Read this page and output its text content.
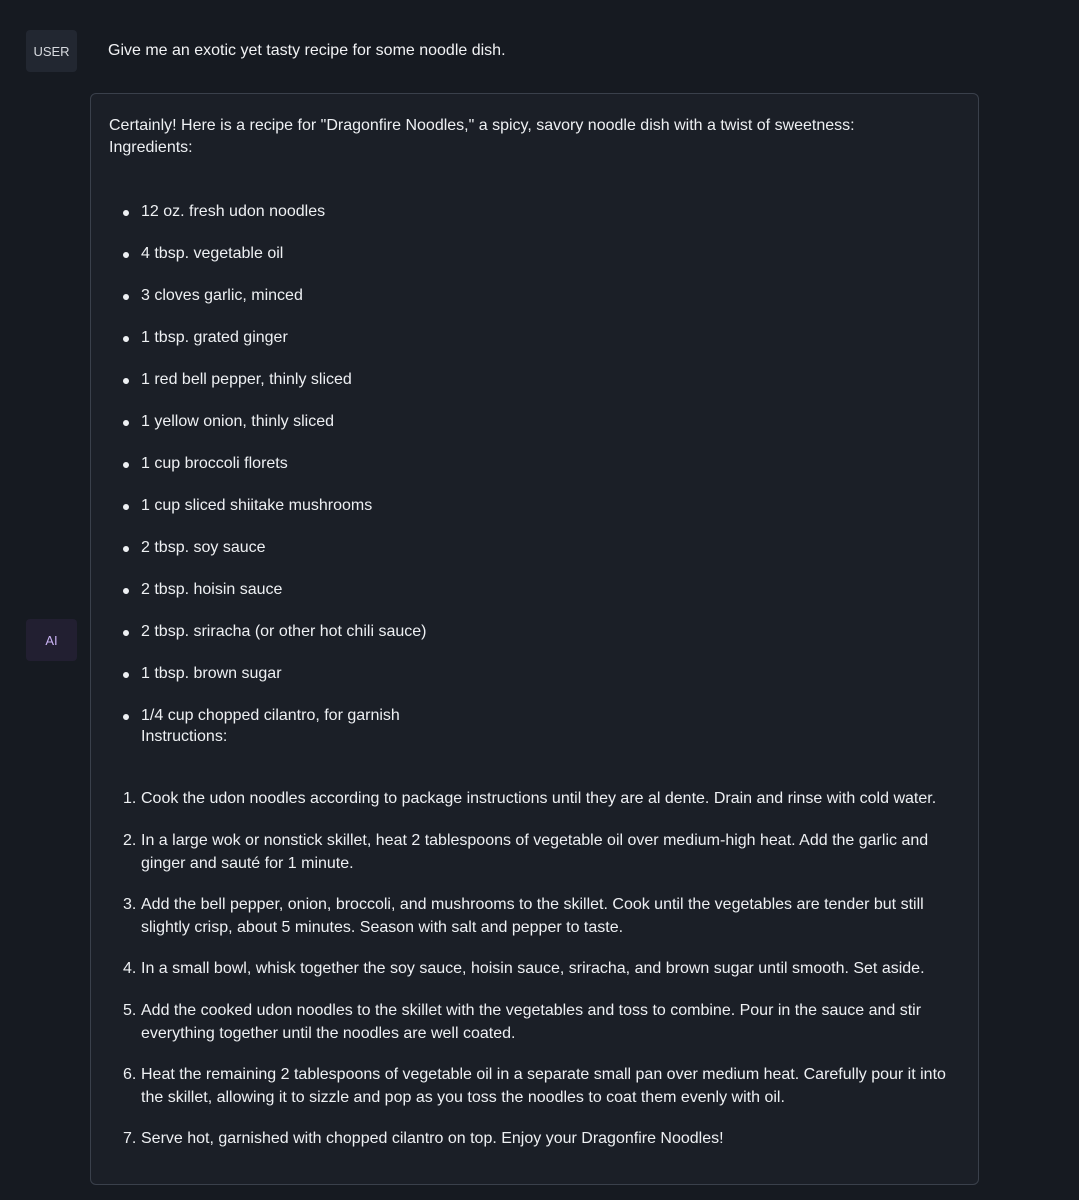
USER	Give me an exotic yet tasty recipe for some noodle dish.
AI

Certainly! Here is a recipe for "Dragonfire Noodles," a spicy, savory noodle dish with a twist of sweetness:
Ingredients:

12 oz. fresh udon noodles
4 tbsp. vegetable oil
3 cloves garlic, minced
1 tbsp. grated ginger
1 red bell pepper, thinly sliced
1 yellow onion, thinly sliced
1 cup broccoli florets
1 cup sliced shiitake mushrooms
2 tbsp. soy sauce
2 tbsp. hoisin sauce
2 tbsp. sriracha (or other hot chili sauce)
1 tbsp. brown sugar
1/4 cup chopped cilantro, for garnish
Instructions:
1. Cook the udon noodles according to package instructions until they are al dente. Drain and rinse with cold water.
2. In a large wok or nonstick skillet, heat 2 tablespoons of vegetable oil over medium-high heat. Add the garlic and ginger and sauté for 1 minute.
3. Add the bell pepper, onion, broccoli, and mushrooms to the skillet. Cook until the vegetables are tender but still slightly crisp, about 5 minutes. Season with salt and pepper to taste.
4. In a small bowl, whisk together the soy sauce, hoisin sauce, sriracha, and brown sugar until smooth. Set aside.
5. Add the cooked udon noodles to the skillet with the vegetables and toss to combine. Pour in the sauce and stir everything together until the noodles are well coated.
6. Heat the remaining 2 tablespoons of vegetable oil in a separate small pan over medium heat. Carefully pour it into the skillet, allowing it to sizzle and pop as you toss the noodles to coat them evenly with oil.
7. Serve hot, garnished with chopped cilantro on top. Enjoy your Dragonfire Noodles!
